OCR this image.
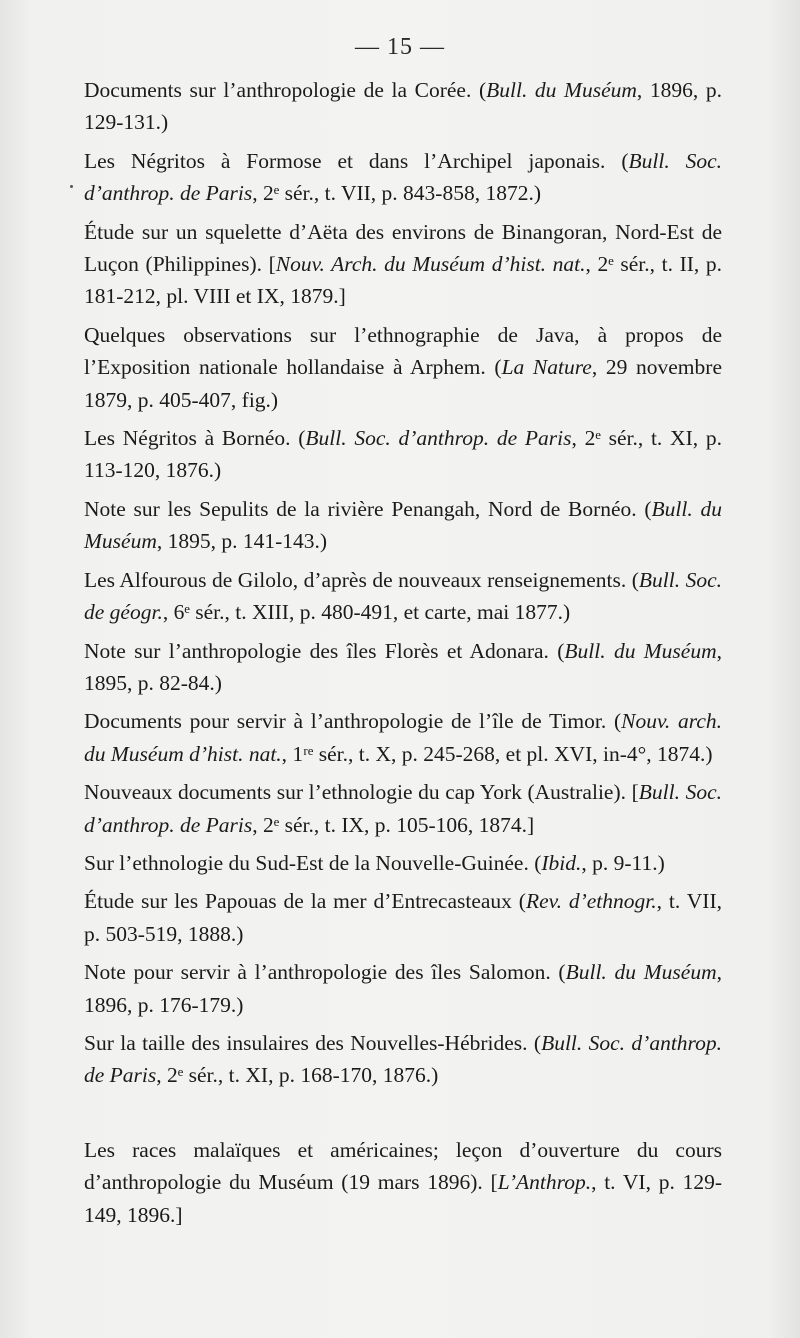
— 15 —

Documents sur l’anthropologie de la Corée. (Bull. du Muséum, 1896, p. 129-131.)

Les Négritos à Formose et dans l’Archipel japonais. (Bull. Soc. d’anthrop. de Paris, 2ᵉ sér., t. VII, p. 843-858, 1872.)

Étude sur un squelette d’Aëta des environs de Binangoran, Nord-Est de Luçon (Philippines). [Nouv. Arch. du Muséum d’hist. nat., 2ᵉ sér., t. II, p. 181-212, pl. VIII et IX, 1879.]

Quelques observations sur l’ethnographie de Java, à propos de l’Exposition nationale hollandaise à Arphem. (La Nature, 29 novembre 1879, p. 405-407, fig.)

Les Négritos à Bornéo. (Bull. Soc. d’anthrop. de Paris, 2ᵉ sér., t. XI, p. 113-120, 1876.)

Note sur les Sepulits de la rivière Penangah, Nord de Bornéo. (Bull. du Muséum, 1895, p. 141-143.)

Les Alfourous de Gilolo, d’après de nouveaux renseignements. (Bull. Soc. de géogr., 6ᵉ sér., t. XIII, p. 480-491, et carte, mai 1877.)

Note sur l’anthropologie des îles Florès et Adonara. (Bull. du Muséum, 1895, p. 82-84.)

Documents pour servir à l’anthropologie de l’île de Timor. (Nouv. arch. du Muséum d’hist. nat., 1ʳᵉ sér., t. X, p. 245-268, et pl. XVI, in-4°, 1874.)

Nouveaux documents sur l’ethnologie du cap York (Australie). [Bull. Soc. d’anthrop. de Paris, 2ᵉ sér., t. IX, p. 105-106, 1874.]

Sur l’ethnologie du Sud-Est de la Nouvelle-Guinée. (Ibid., p. 9-11.)

Étude sur les Papouas de la mer d’Entrecasteaux (Rev. d’ethnogr., t. VII, p. 503-519, 1888.)

Note pour servir à l’anthropologie des îles Salomon. (Bull. du Muséum, 1896, p. 176-179.)

Sur la taille des insulaires des Nouvelles-Hébrides. (Bull. Soc. d’anthrop. de Paris, 2ᵉ sér., t. XI, p. 168-170, 1876.)

Les races malaïques et américaines; leçon d’ouverture du cours d’anthropologie du Muséum (19 mars 1896). [L’Anthrop., t. VI, p. 129-149, 1896.]
